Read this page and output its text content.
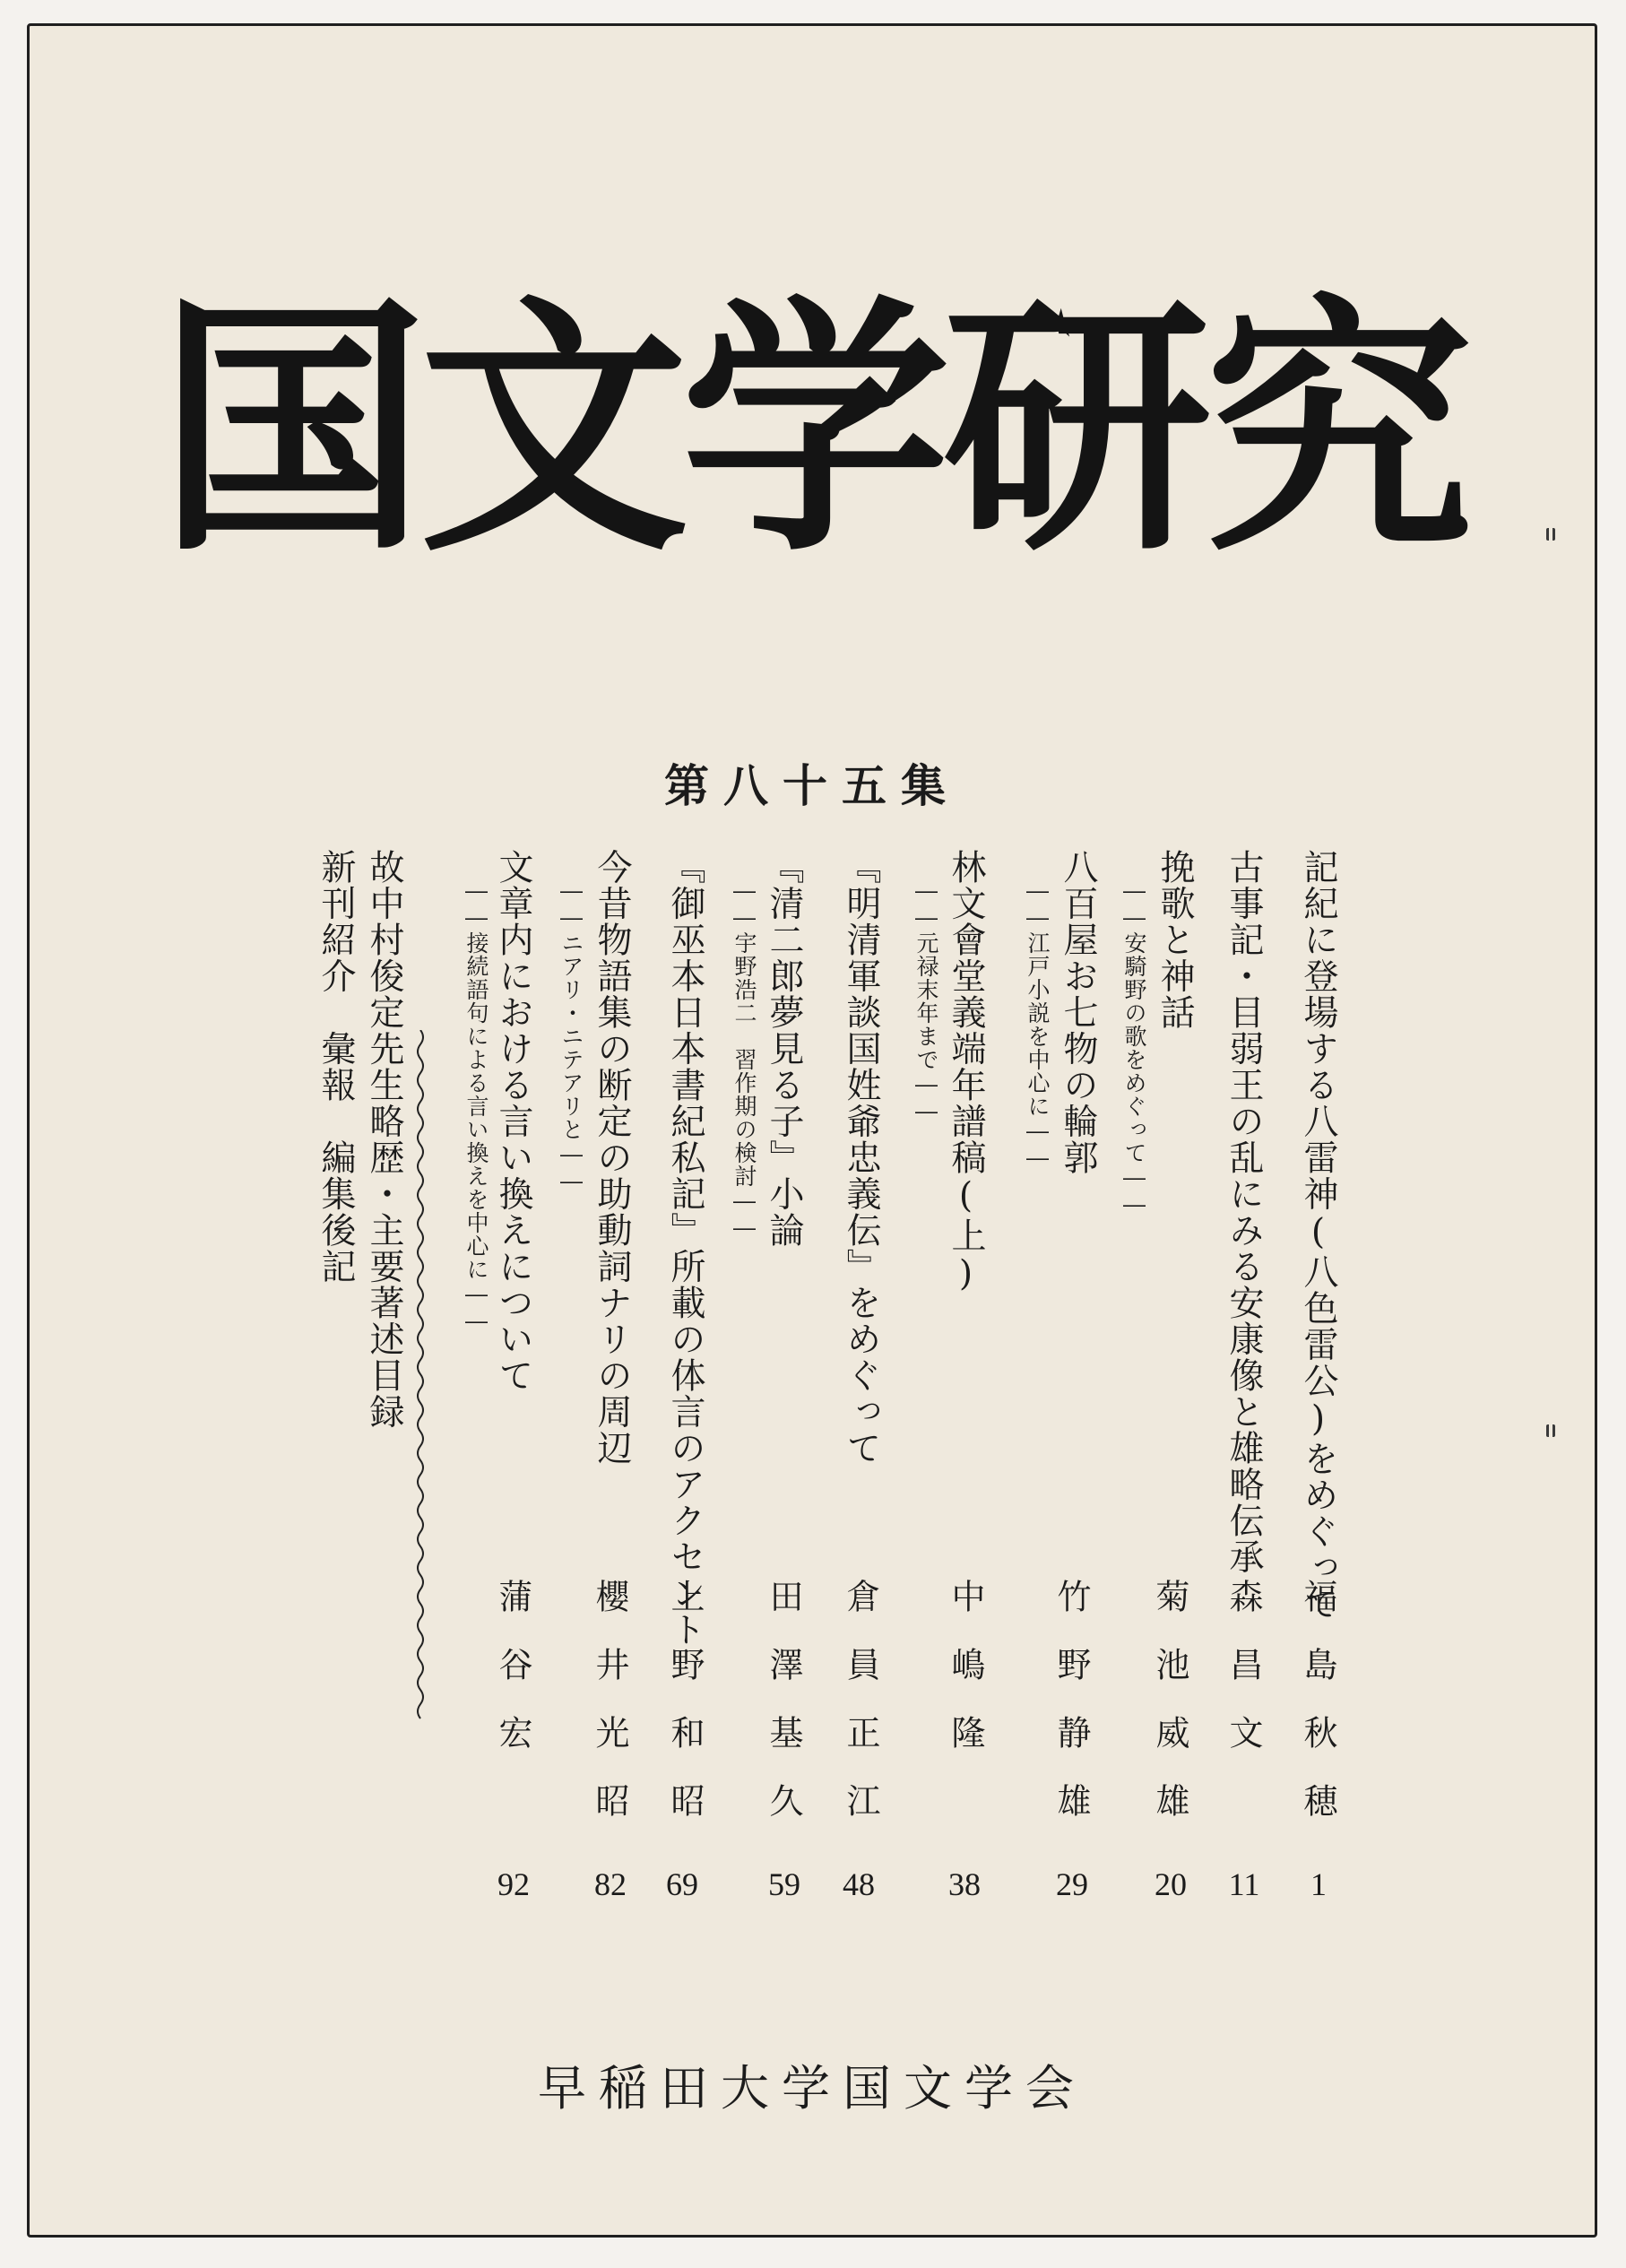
国文学研究
第八十五集
記紀に登場する八雷神(八色雷公)をめぐって
福島秋穂
1
古事記・目弱王の乱にみる安康像と雄略伝承
森昌文
11
挽歌と神話
――安騎野の歌をめぐって――
菊池威雄
20
八百屋お七物の輪郭
――江戸小説を中心に――
竹野静雄
29
林文會堂義端年譜稿(上)
――元禄末年まで――
中嶋隆
38
『明清軍談国姓爺忠義伝』をめぐって
倉員正江
48
『清二郎夢見る子』小論
――宇野浩二　習作期の検討――
田澤基久
59
『御巫本日本書紀私記』所載の体言のアクセント
上野和昭
69
今昔物語集の断定の助動詞ナリの周辺
――ニアリ・ニテアリと――
櫻井光昭
82
文章内における言い換えについて
――接続語句による言い換えを中心に――
蒲谷宏
92
故中村俊定先生略歴・主要著述目録
新刊紹介　彙報　編集後記
早稲田大学国文学会
